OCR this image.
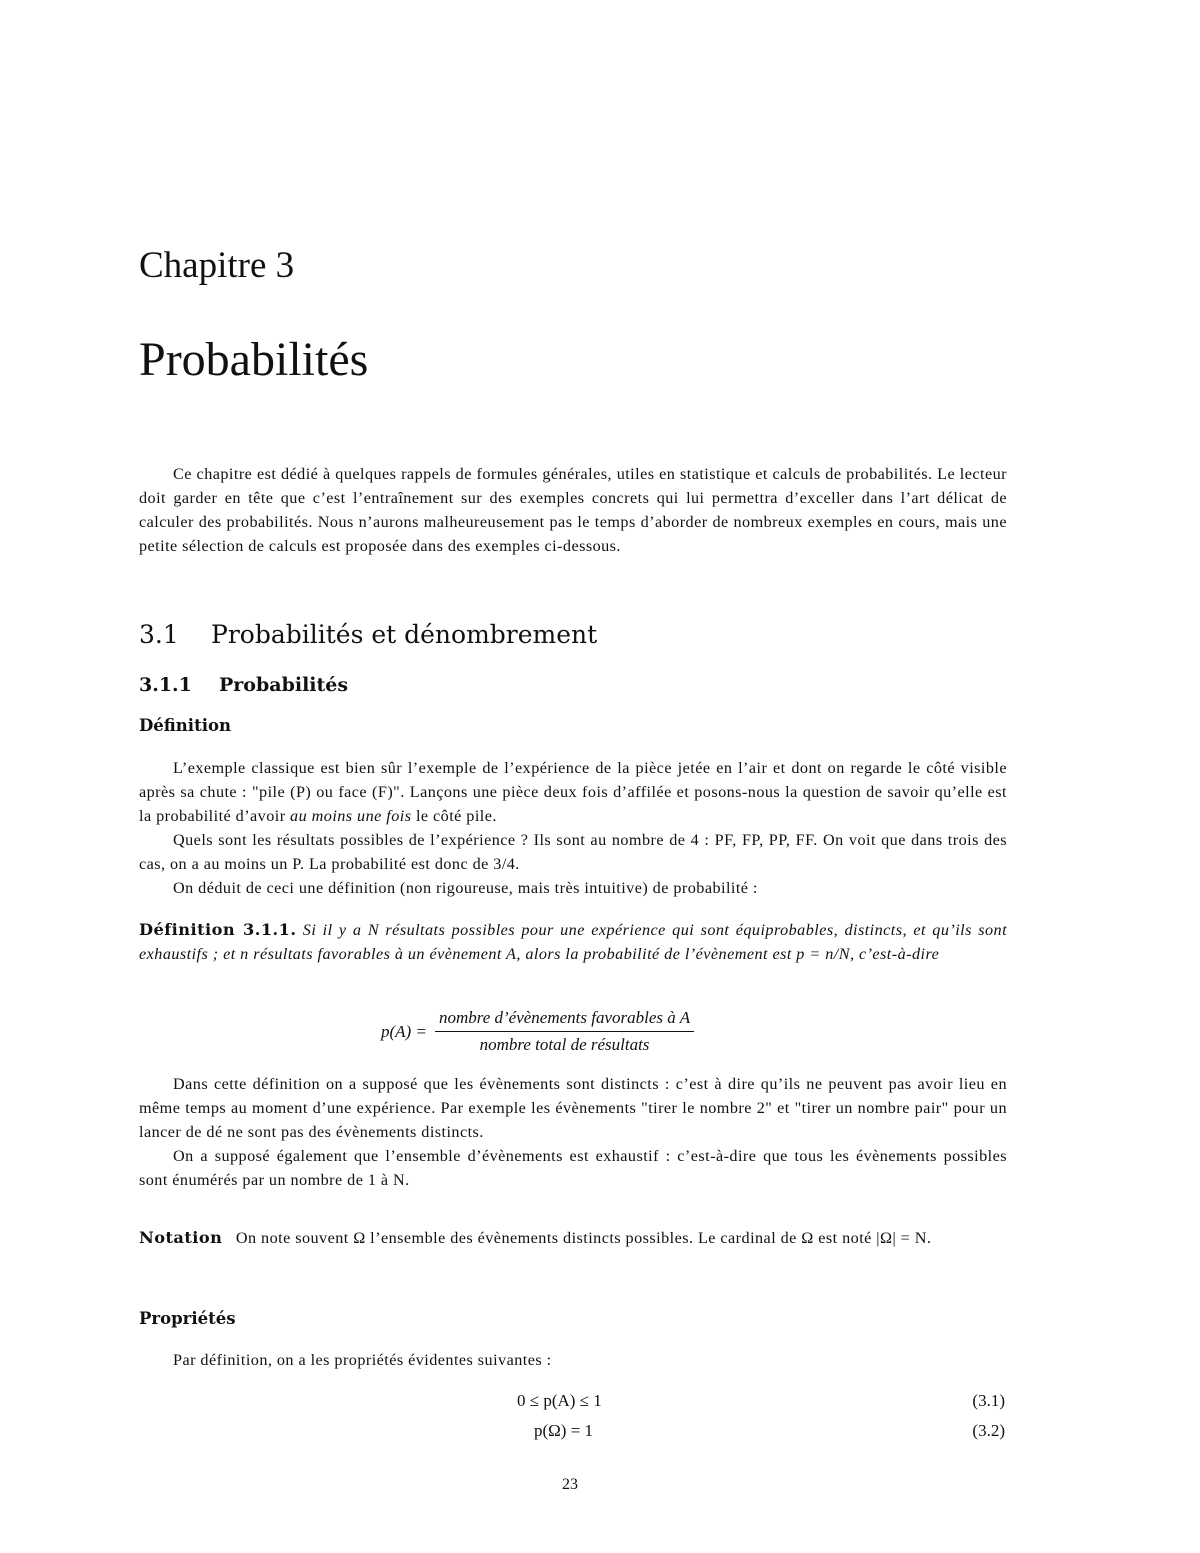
Chapitre 3
Probabilités

Ce chapitre est dédié à quelques rappels de formules générales, utiles en statistique et calculs de probabilités. Le lecteur doit garder en tête que c’est l’entraînement sur des exemples concrets qui lui permettra d’exceller dans l’art délicat de calculer des probabilités. Nous n’aurons malheureusement pas le temps d’aborder de nombreux exemples en cours, mais une petite sélection de calculs est proposée dans des exemples ci-dessous.

3.1 Probabilités et dénombrement
3.1.1 Probabilités
Définition

L’exemple classique est bien sûr l’exemple de l’expérience de la pièce jetée en l’air et dont on regarde le côté visible après sa chute : "pile (P) ou face (F)". Lançons une pièce deux fois d’affilée et posons-nous la question de savoir qu’elle est la probabilité d’avoir au moins une fois le côté pile.

Quels sont les résultats possibles de l’expérience ? Ils sont au nombre de 4 : PF, FP, PP, FF. On voit que dans trois des cas, on a au moins un P. La probabilité est donc de 3/4.

On déduit de ceci une définition (non rigoureuse, mais très intuitive) de probabilité :

Définition 3.1.1. Si il y a N résultats possibles pour une expérience qui sont équiprobables, distincts, et qu’ils sont exhaustifs ; et n résultats favorables à un évènement A, alors la probabilité de l’évènement est p = n/N, c’est-à-dire

$p(A) = \frac{\text{nombre d’évènements favorables à A}}{\text{nombre total de résultats}}$

Dans cette définition on a supposé que les évènements sont distincts : c’est à dire qu’ils ne peuvent pas avoir lieu en même temps au moment d’une expérience. Par exemple les évènements "tirer le nombre 2" et "tirer un nombre pair" pour un lancer de dé ne sont pas des évènements distincts.

On a supposé également que l’ensemble d’évènements est exhaustif : c’est-à-dire que tous les évènements possibles sont énumérés par un nombre de 1 à N.

Notation On note souvent Ω l’ensemble des évènements distincts possibles. Le cardinal de Ω est noté |Ω| = N.

Propriétés

Par définition, on a les propriétés évidentes suivantes :

0 ≤ p(A) ≤ 1	(3.1)
p(Ω) = 1	(3.2)
23
